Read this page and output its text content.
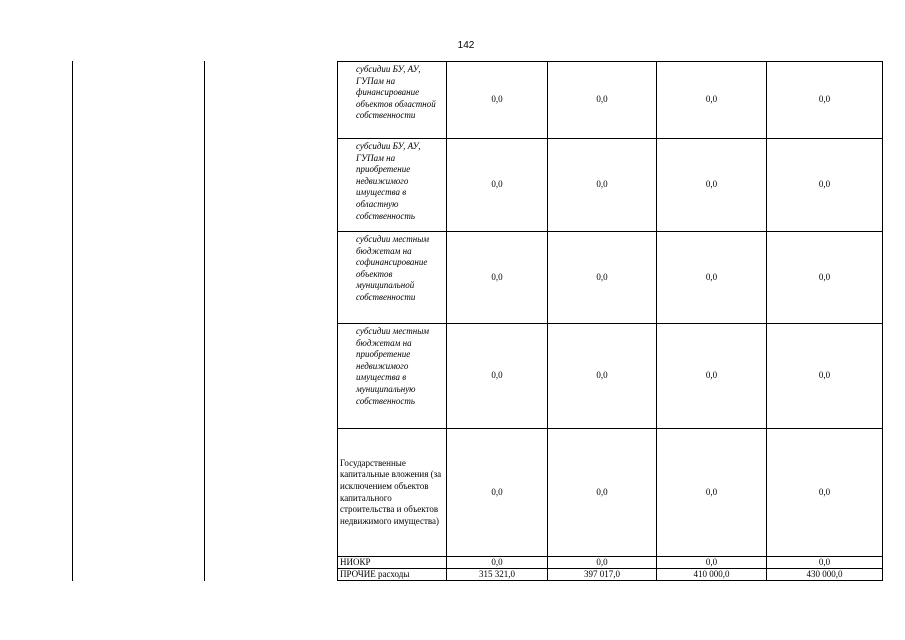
142
субсидии БУ, АУ, ГУПам на финансирование объектов областной собственности	0,0	0,0	0,0	0,0
субсидии БУ, АУ, ГУПам на приобретение недвижимого имущества в областную собственность	0,0	0,0	0,0	0,0
субсидии местным бюджетам на софинансирование объектов муниципальной собственности	0,0	0,0	0,0	0,0
субсидии местным бюджетам на приобретение недвижимого имущества в муниципальную собственность	0,0	0,0	0,0	0,0
Государственные капитальные вложения (за исключением объектов капитального строительства и объектов недвижимого имущества)	0,0	0,0	0,0	0,0
НИОКР	0,0	0,0	0,0	0,0
ПРОЧИЕ расходы	315 321,0	397 017,0	410 000,0	430 000,0
